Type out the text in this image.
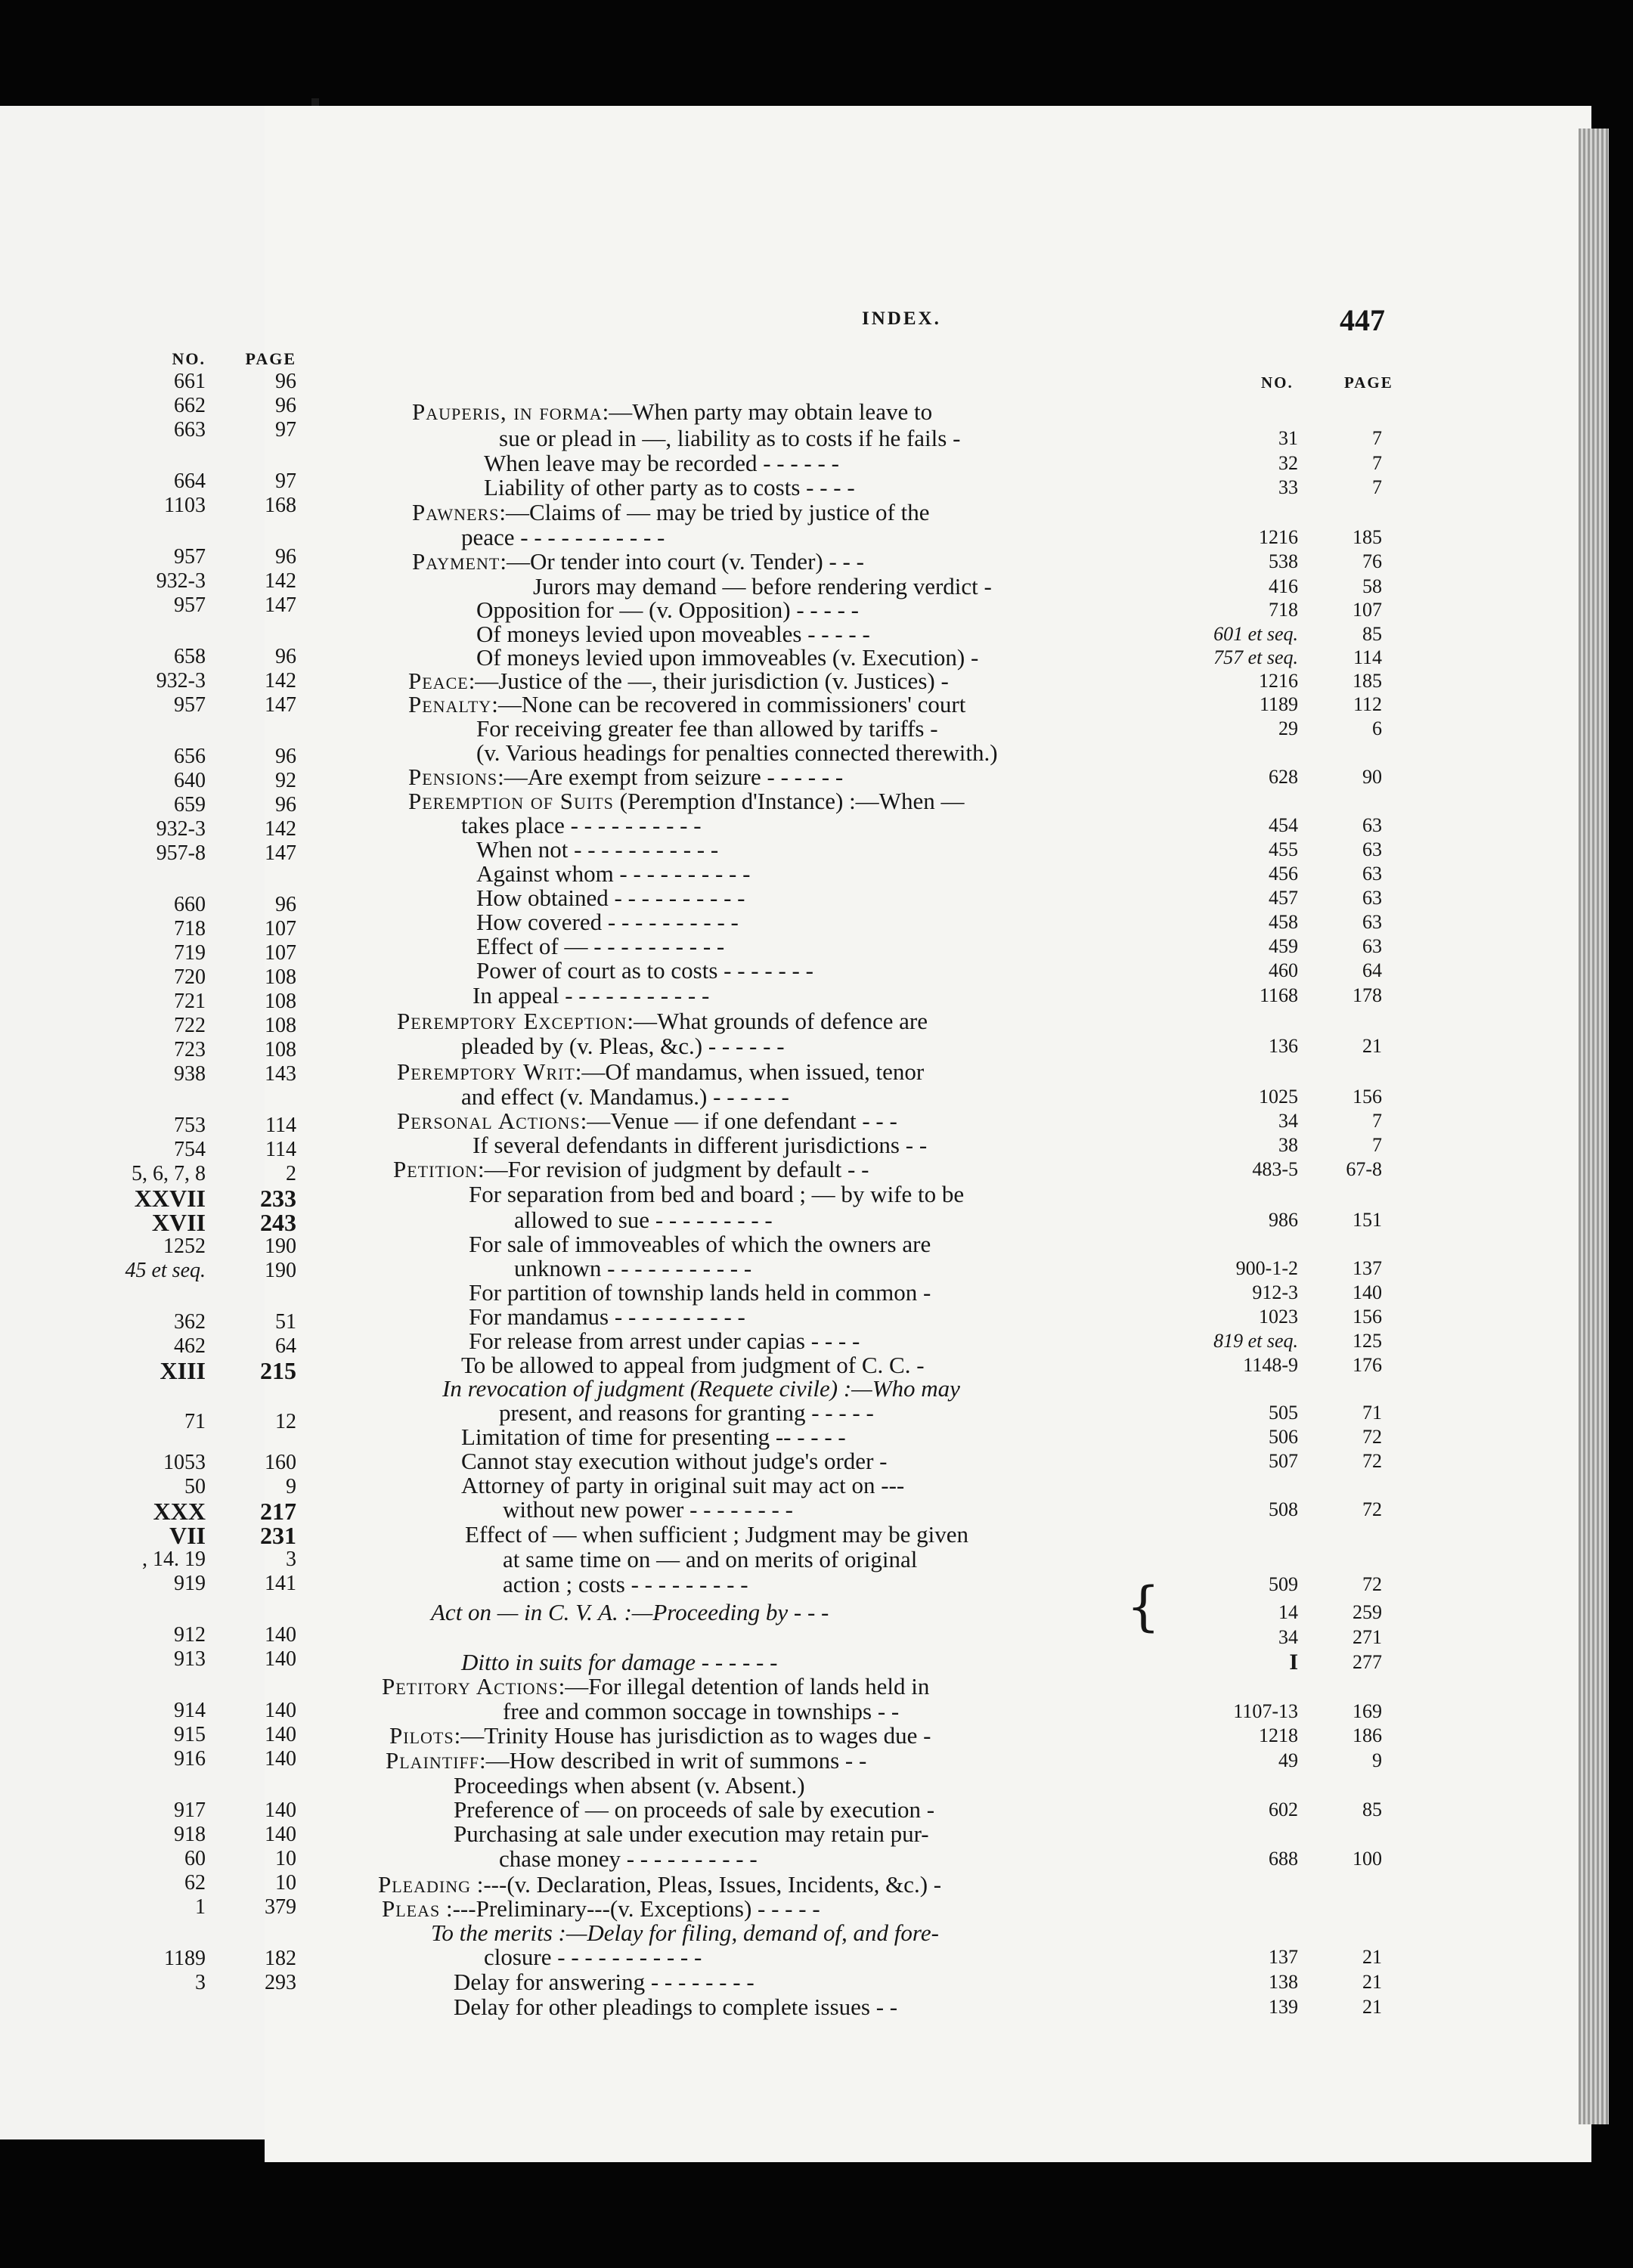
NO. PAGE
661	96
662	96
663	97
664	97
1103	168
957	96
932-3	142
957	147
658	96
932-3	142
957	147
656	96
640	92
659	96
932-3	142
957-8	147
660	96
718	107
719	107
720	108
721	108
722	108
723	108
938	143
753	114
754	114
5, 6, 7, 8	2
XXVII 233
XVII 243
1252	190
45 et seq.	190
362	51
462	64
XIII 215
71	12
1053	160
50	9
XXX 217
VII 231
, 14. 19	3
919	141
912	140
913	140
914	140
915	140
916	140
917	140
918	140
60	10
62	10
1	379
1189	182
3	293
INDEX.	447
NO.	PAGE
Pauperis, in forma:—When party may obtain leave to
sue or plead in —, liability as to costs if he fails -	31	7
When leave may be recorded - - - - - -	32	7
Liability of other party as to costs - - - -	33	7
Pawners:—Claims of — may be tried by justice of the
peace - - - - - - - - - - -	1216	185
Payment:—Or tender into court (v. Tender) - - -	538	76
Jurors may demand — before rendering verdict -	416	58
Opposition for — (v. Opposition) - - - - -	718	107
Of moneys levied upon moveables - - - - -	601 et seq.	85
Of moneys levied upon immoveables (v. Execution) -	757 et seq.	114
Peace:—Justice of the —, their jurisdiction (v. Justices) -	1216	185
Penalty:—None can be recovered in commissioners' court	1189	112
For receiving greater fee than allowed by tariffs -	29	6
(v. Various headings for penalties connected therewith.)
Pensions:—Are exempt from seizure - - - - - -	628	90
Peremption of Suits (Peremption d'Instance) :—When —
takes place - - - - - - - - - -	454	63
When not - - - - - - - - - - -	455	63
Against whom - - - - - - - - - -	456	63
How obtained - - - - - - - - - -	457	63
How covered - - - - - - - - - -	458	63
Effect of — - - - - - - - - - -	459	63
Power of court as to costs - - - - - - -	460	64
In appeal - - - - - - - - - - -	1168	178
Peremptory Exception:—What grounds of defence are
pleaded by (v. Pleas, &c.) - - - - - -	136	21
Peremptory Writ:—Of mandamus, when issued, tenor
and effect (v. Mandamus.) - - - - - -	1025	156
Personal Actions:—Venue — if one defendant - - -	34	7
If several defendants in different jurisdictions - -	38	7
Petition:—For revision of judgment by default - -	483-5 67-8
For separation from bed and board ; — by wife to be
allowed to sue - - - - - - - - -	986	151
For sale of immoveables of which the owners are
unknown - - - - - - - - - - -	900-1-2	137
For partition of township lands held in common -	912-3	140
For mandamus - - - - - - - - - -	1023	156
For release from arrest under capias - - - -	819 et seq.	125
To be allowed to appeal from judgment of C. C. -	1148-9	176
In revocation of judgment (Requete civile) :—Who may
present, and reasons for granting - - - - -	505	71
Limitation of time for presenting -- - - - -	506	72
Cannot stay execution without judge's order -	507	72
Attorney of party in original suit may act on ---
without new power - - - - - - - -	508	72
Effect of — when sufficient ; Judgment may be given
at same time on — and on merits of original
action ; costs - - - - - - - - -	509	72
Act on — in C. V. A. :—Proceeding by - - -	14	259
34	271
Ditto in suits for damage - - - - - -	I	277
Petitory Actions:—For illegal detention of lands held in
free and common soccage in townships - -	1107-13	169
Pilots:—Trinity House has jurisdiction as to wages due -	1218	186
Plaintiff:—How described in writ of summons - -	49	9
Proceedings when absent (v. Absent.)
Preference of — on proceeds of sale by execution -	602	85
Purchasing at sale under execution may retain pur-
chase money - - - - - - - - - -	688	100
Pleading :---(v. Declaration, Pleas, Issues, Incidents, &c.) -
Pleas :---Preliminary---(v. Exceptions) - - - - -
To the merits :—Delay for filing, demand of, and fore-
closure - - - - - - - - - - -	137	21
Delay for answering - - - - - - - -	138	21
Delay for other pleadings to complete issues - -	139	21
{
